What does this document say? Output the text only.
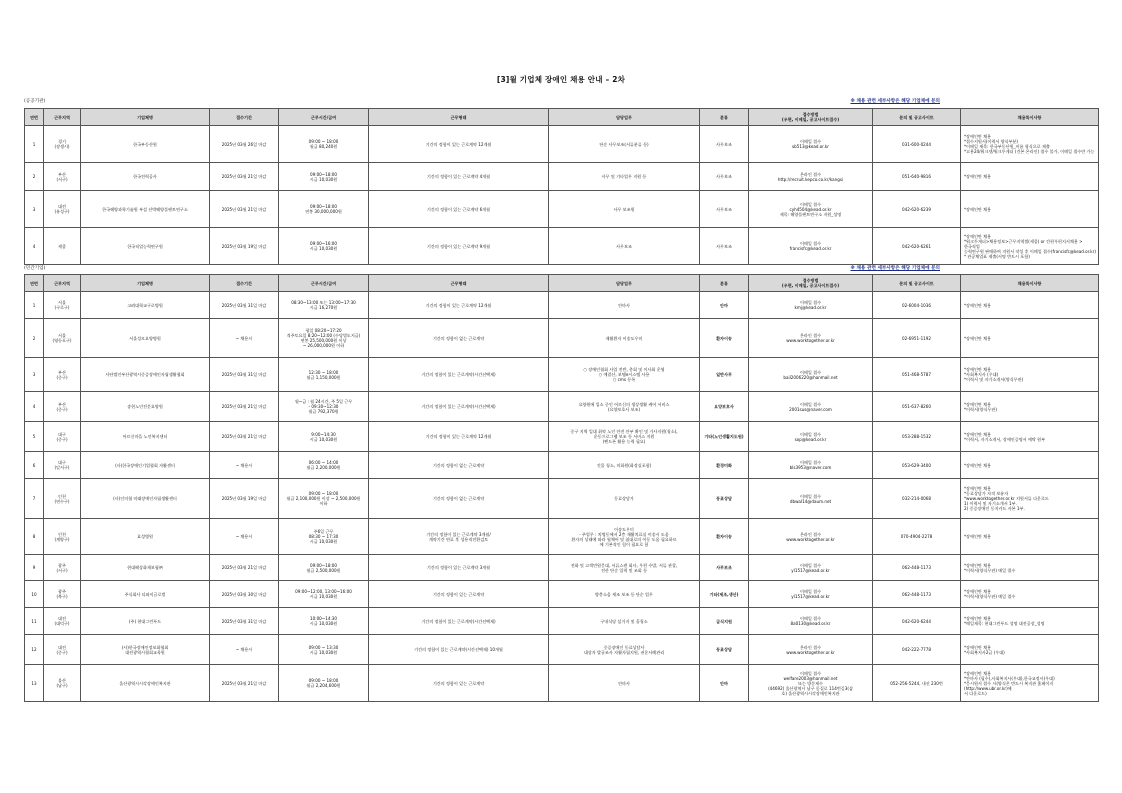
[3]월 기업체 장애인 채용 안내 – 2차
(공공기관)	※ 채용 관련 세부사항은 해당 기업체에 문의
연번	근무지역	기업체명	접수기간	근무시간/급여	근무형태	담당업무	분류	접수방법
(우편, 이메일, 공고사이트접수)	문의 및 공고사이트	채용특이사항
1	경기
(장생시)	한국부동산원	2025년 03월 26일 마감	09:00 ~ 18:00
월급 80,240원	기간의 정함이 있는 근로계약 12개월	단순 사무보조(서류분류 등)	사무보조	이메일 접수
sb513@kead.or.kr	031-600-0244	*장애인만 채용
*접수지원서(이력서 양식부분)
*이메일 제목: 한국부동산원_이름 형식으로 제출
*고용24/워크넷/워크투게더 (건본 온라인) 접수 불가, 이메일 접수만 가능
2	부산
(서구)	한국전력공사	2025년 03월 21일 마감	09:00~18:00
시급 10,030원	기간의 정함이 있는 근로계약 4개월	사무 및 기타업무 지원 등	사무보조	온라인 접수
http://recruit.kepco.co.kr/kangsi	051-640-9816	*장애인만 채용
3	대전
(유성구)	한국해양과학기술원 부설 선박해양플랜트연구소	2025년 03월 21일 마감	09:00~18:00
연봉 30,000,000원	기간의 정함이 있는 근로계약 6개월	사무 보조원	사무보조	이메일 접수
cyh4504@kead.or.kr
제목: 해양플랜트연구소 지원_성명	042-620-6239	*장애인만 채용
4	세종	한국직업능력연구원	2025년 03월 19일 마감	09:00~16:00
시급 10,030원	기간의 정함이 있는 근로계약 9개월	사무보조	사무보조	이메일 접수
francisfc@kead.or.kr	042-620-6261	*장애인만 채용
*워크투게더>채용정보>근무지역별(세종) or 간편우편지서채용 >한국직업
능력연구원 판매하여 지원서 작성 후 이메일 접수(francisfc@kead.or.kr)
* 관공채업표 제출(서명 반드시 포함)
(민간기업)	※ 채용 관련 세부사항은 해당 기업체에 문의
연번	근무지역	기업체명	접수기간	근무시간/급여	근무형태	담당업무	분류	접수방법
(우편, 이메일, 공고사이트접수)	문의 및 공고사이트	채용특이사항
1	서울
(구로구)	고려대학교구로병원	2025년 03월 31일 마감	08:30~13:00 또는 13:00~17:30
시급 16,270원	기간의 정함이 있는 근로계약 12개월	안마사	안마	이메일 접수
kmj@kead.or.kr	02-6004-1036	*장애인만 채용
2	서울
(영등포구)	서울성모요양병원	~ 채용시	평일 08:20~17:20
격주토요일 8:20~12:00 (수당별도지급)
연봉 25,500,000원 이상
~ 26,000,000원 이하	기간의 정함이 없는 근로계약	재활환자 이송도우미	환자이송	온라인 접수
www.worktogether.or.kr	02-6951-1192	*장애인만 채용
3	부산
(중구)	사단법인부산광역시중증장애인자립생활협회	2025년 03월 31일 마감	12:30 ~ 18:00
월급 1,150,000원	기간의 정함이 있는 근로계약(시간선택제)	○ 장애인협회 사업 전반, 총회 및 이사회 운영
○ 예결산, 보탬e시스템 사용
○ cms 등록	일반사무	이메일 접수
bail2006220@hanmail.net	051-468-5787	*장애인만 채용
*사회복지사 (우대)
*이력서 및 자기소개서(양식무관)
4	부산
(중구)	송현노인전문요양원	2025년 03월 21일 마감	월~금 : 월 24시간, 주 5일 근무
- 09:30~12:30
월급 792,370원	기간의 정함이 있는 근로계약(시간선택제)	요양원에 입소 중인 어르신의 생상생활 케어 서비스
(요양보호사 보조)	요양보호사	이메일 접수
2001sus@naver.com	051-637-8260	*장애인만 채용
*이력서(양식무관)
5	대구
(중구)	어르신마을 노인복지센터	2025년 03월 21일 마감	9:00~14:30
시급 10,030원	기간의 정함이 있는 근로계약 12개월	중구 지역 일대 취약 노인 안전 안부 확인 및 가사지원(청소),
운동프로그램 보조 등 서비스 지원
(펜드폰 활용 능력 필요)	기타(노인생활지도원)	이메일 접수
sop@kead.or.kr	053-288-1532	*장애인만 채용
*이력서, 자기소개서, 장애인증명서 예탁 원부
6	대구
(달서구)	(사)한국장애인기업협회 자활센터	~ 채용시	06:00 ~ 14:00
월급 2,200,000원	기간의 정함이 없는 근로계약	건물 청소, 미화원(화장실포함)	환경미화	이메일 접수
bls3953@naver.com	053-629-3400	*장애인만 채용
7	인천
(연수구)	(사)인의협 미래장애인자립생활센터	2025년 03월 19일 마감	09:00 ~ 18:00
월급 2,100,000원 이상 ~ 2,500,000원
이하	기간의 정함이 없는 근로계약	동료상담가	동료상담	이메일 접수
dbwal14@daum.net	032-214-0068	*장애인만 채용
*동료상담가 자격 보유자
*www.worktogether.or.kr 지원서류 다운로드
1) 이력서 및 자기소개서 1부.
2) 중증장애인 동지카드 사본 1부.
8	인천
(계양구)	효성병원	~ 채용시	주6일 근무
08:30 ~ 17:30
시급 10,030원	기간의 정함이 있는 근로계약 3개월/
계약기간 연료 후 성용직전환검토	이송도우미
- 주업무 : 치병동에서 2층 재활치료실 이송시 도움
환자의 상태에 따라 월체어 및 침대로의 이동 도움 필요하므
에 기본적인 힘이 필요로 함	환자이송	온라인 접수
www.worktogether.or.kr	070-4904-2278	*장애인만 채용
9	광주
(서구)	현대해상화재보험㈜	2025년 03월 21일 마감	09:00~18:00
월급 2,500,000원	기간의 정함이 있는 근로계약 3개월	전화 및 고객민원응대, 서류스캔 회사, 우편 수발, 서류 관찰,
전산 단순 입력 및 조회 등	사무보조	이메일 접수
yl1517@kead.or.kr	062-448-1173	*장애인만 채용
*이력서(양식무관) 메일 접수
10	광주
(북구)	주식회사 티와이글로벌	2025년 03월 30일 마감	09:00~12:00, 13:00~16:00
시급 10,030원	기간의 정함이 있는 근로계약	방충소음 제조 보조 등 단순 업무	기타(제조,생산)	이메일 접수
yl1517@kead.or.kr	062-448-1173	*장애인만 채용
*이력서(양식무관) 메일 접수
11	대전
(대덕구)	(주) 현대그린푸드	2025년 03월 31일 마감	10:00~14:30
시급 10,030원	기간의 정함이 있는 근로계약(시간선택제)	구내식당 설거지 및 홀청소	급식지원	이메일 접수
8a0130@kead.or.kr	042-620-6244	*장애인만 채용
*메일제목: 현대그린푸드 성명 대전공장_성명
12	대전
(중구)	(사)한국장애인정보화협회
대전광역시협회교육원	~ 채용시	09:00 ~ 13:30
시급 10,030원	기간의 정함이 있는 근로계약(시간선택제) 10개월	중증장애인 동료상담사
대상자 발굴조사 자활자립지원, 권운사례관리	동료상담	온라인 접수
www.worktogether.or.kr	042-222-7778	*장애인만 채용
*사회복지사2급 (우대)
13	울산
(남구)	울산광역시시각장애인복지관	2025년 03월 21일 마감	09:00 ~ 18:00
월급 2,204,600원	기간의 정함이 있는 근로계약	안마사	안마	이메일 접수
welfare2003@hanmail.net
또는 방문제수
(44692) 울산광역시 남구 돋질로 114번길3(삼
호) 울산광역시시각장애인복지관	052-256-5244, 내선 230번	*장애인만 채용
*안마사 (필수),사회복지사(우대),한국교정사(우대)
*응시원서 접수 시(양식은 반드시 복지관 홈페이지(http://www.ubr.or.kr)에
서 다운로드)
